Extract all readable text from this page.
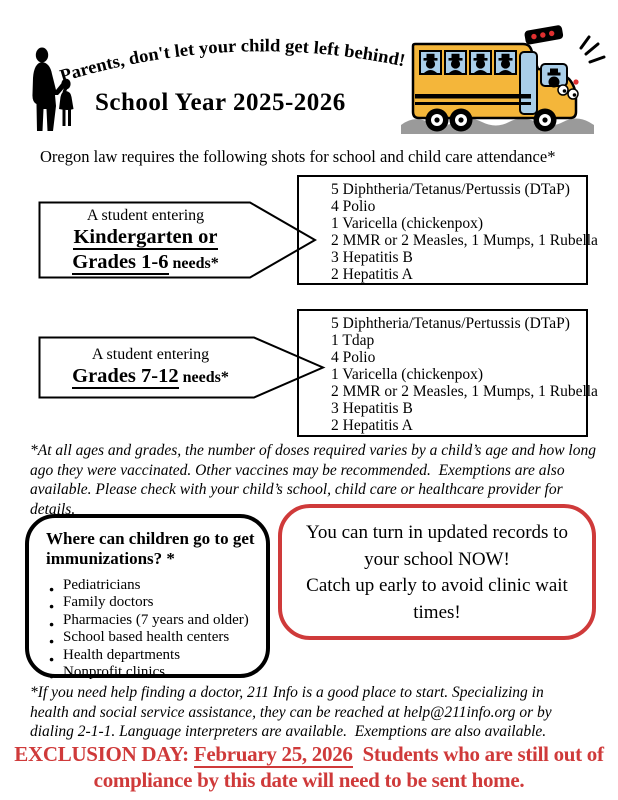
Parents, don't let your child get left behind!
School Year 2025-2026
Oregon law requires the following shots for school and child care attendance*
5 Diphtheria/Tetanus/Pertussis (DTaP)
4 Polio
1 Varicella (chickenpox)
2 MMR or 2 Measles, 1 Mumps, 1 Rubella
3 Hepatitis B
2 Hepatitis A
A student entering
Kindergarten or
Grades 1-6 needs*
5 Diphtheria/Tetanus/Pertussis (DTaP)
1 Tdap
4 Polio
1 Varicella (chickenpox)
2 MMR or 2 Measles, 1 Mumps, 1 Rubella
3 Hepatitis B
2 Hepatitis A
A student entering
Grades 7-12 needs*
*At all ages and grades, the number of doses required varies by a child’s age and how long ago they were vaccinated. Other vaccines may be recommended.  Exemptions are also available. Please check with your child’s school, child care or healthcare provider for details.
Where can children go to get immunizations? *
● Pediatricians
● Family doctors
● Pharmacies (7 years and older)
● School based health centers
● Health departments
● Nonprofit clinics
You can turn in updated records to your school NOW!
Catch up early to avoid clinic wait times!
*If you need help finding a doctor, 211 Info is a good place to start. Specializing in health and social service assistance, they can be reached at help@211info.org or by dialing 2-1-1. Language interpreters are available.  Exemptions are also available.
EXCLUSION DAY: February 25, 2026  Students who are still out of compliance by this date will need to be sent home.
